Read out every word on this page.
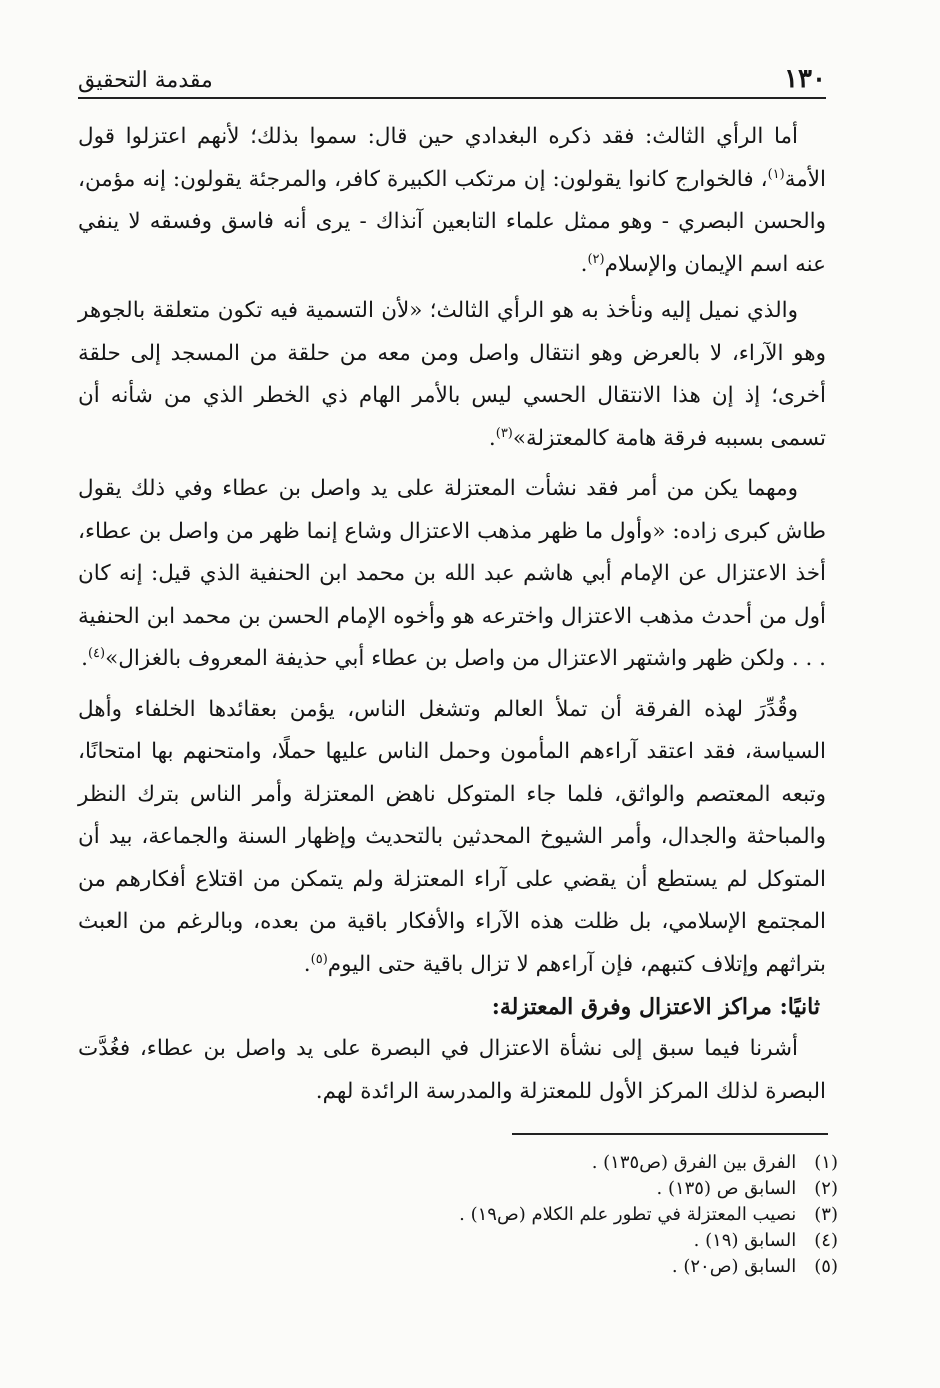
١٣٠
مقدمة التحقيق

أما الرأي الثالث: فقد ذكره البغدادي حين قال: سموا بذلك؛ لأنهم اعتزلوا قول الأمة$^{(١)}$، فالخوارج كانوا يقولون: إن مرتكب الكبيرة كافر، والمرجئة يقولون: إنه مؤمن، والحسن البصري - وهو ممثل علماء التابعين آنذاك - يرى أنه فاسق وفسقه لا ينفي عنه اسم الإيمان والإسلام$^{(٢)}$.

والذي نميل إليه ونأخذ به هو الرأي الثالث؛ «لأن التسمية فيه تكون متعلقة بالجوهر وهو الآراء، لا بالعرض وهو انتقال واصل ومن معه من حلقة من المسجد إلى حلقة أخرى؛ إذ إن هذا الانتقال الحسي ليس بالأمر الهام ذي الخطر الذي من شأنه أن تسمى بسببه فرقة هامة كالمعتزلة»$^{(٣)}$.

ومهما يكن من أمر فقد نشأت المعتزلة على يد واصل بن عطاء وفي ذلك يقول طاش كبرى زاده: «وأول ما ظهر مذهب الاعتزال وشاع إنما ظهر من واصل بن عطاء، أخذ الاعتزال عن الإمام أبي هاشم عبد الله بن محمد ابن الحنفية الذي قيل: إنه كان أول من أحدث مذهب الاعتزال واخترعه هو وأخوه الإمام الحسن بن محمد ابن الحنفية . . . ولكن ظهر واشتهر الاعتزال من واصل بن عطاء أبي حذيفة المعروف بالغزال»$^{(٤)}$.

وقُدِّرَ لهذه الفرقة أن تملأ العالم وتشغل الناس، يؤمن بعقائدها الخلفاء وأهل السياسة، فقد اعتقد آراءهم المأمون وحمل الناس عليها حملًا، وامتحنهم بها امتحانًا، وتبعه المعتصم والواثق، فلما جاء المتوكل ناهض المعتزلة وأمر الناس بترك النظر والمباحثة والجدال، وأمر الشيوخ المحدثين بالتحديث وإظهار السنة والجماعة، بيد أن المتوكل لم يستطع أن يقضي على آراء المعتزلة ولم يتمكن من اقتلاع أفكارهم من المجتمع الإسلامي، بل ظلت هذه الآراء والأفكار باقية من بعده، وبالرغم من العبث بتراثهم وإتلاف كتبهم، فإن آراءهم لا تزال باقية حتى اليوم$^{(٥)}$.

ثانيًا: مراكز الاعتزال وفرق المعتزلة:

أشرنا فيما سبق إلى نشأة الاعتزال في البصرة على يد واصل بن عطاء، فغُدَّت البصرة لذلك المركز الأول للمعتزلة والمدرسة الرائدة لهم.

(١) الفرق بين الفرق (ص١٣٥) .

(٢) السابق ص (١٣٥) .

(٣) نصيب المعتزلة في تطور علم الكلام (ص١٩) .

(٤) السابق (١٩) .

(٥) السابق (ص٢٠) .
